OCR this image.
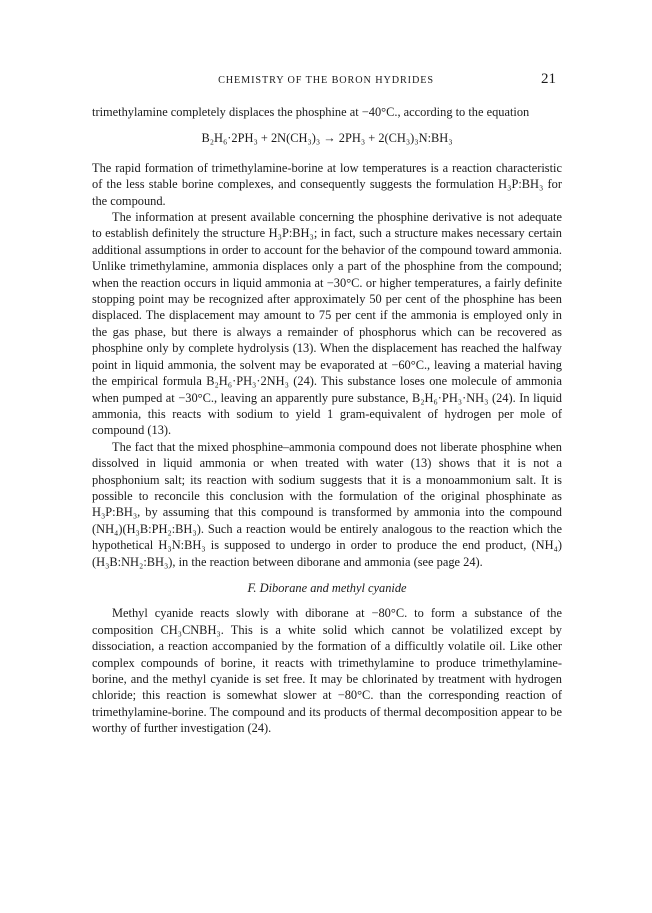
CHEMISTRY OF THE BORON HYDRIDES	21

trimethylamine completely displaces the phosphine at −40°C., according to the equation

B₂H₆·2PH₃ + 2N(CH₃)₃ → 2PH₃ + 2(CH₃)₃N:BH₃

The rapid formation of trimethylamine-borine at low temperatures is a reaction characteristic of the less stable borine complexes, and consequently suggests the formulation H₃P:BH₃ for the compound.

The information at present available concerning the phosphine derivative is not adequate to establish definitely the structure H₃P:BH₃; in fact, such a structure makes necessary certain additional assumptions in order to account for the behavior of the compound toward ammonia. Unlike trimethylamine, ammonia displaces only a part of the phosphine from the compound; when the reaction occurs in liquid ammonia at −30°C. or higher temperatures, a fairly definite stopping point may be recognized after approximately 50 per cent of the phosphine has been displaced. The displacement may amount to 75 per cent if the ammonia is employed only in the gas phase, but there is always a remainder of phosphorus which can be recovered as phosphine only by complete hydrolysis (13). When the displacement has reached the halfway point in liquid ammonia, the solvent may be evaporated at −60°C., leaving a material having the empirical formula B₂H₆·PH₃·2NH₃ (24). This substance loses one molecule of ammonia when pumped at −30°C., leaving an apparently pure substance, B₂H₆·PH₃·NH₃ (24). In liquid ammonia, this reacts with sodium to yield 1 gram-equivalent of hydrogen per mole of compound (13).

The fact that the mixed phosphine–ammonia compound does not liberate phosphine when dissolved in liquid ammonia or when treated with water (13) shows that it is not a phosphonium salt; its reaction with sodium suggests that it is a monoammonium salt. It is possible to reconcile this conclusion with the formulation of the original phosphinate as H₃P:BH₃, by assuming that this compound is transformed by ammonia into the compound (NH₄)(H₃B:PH₂:BH₃). Such a reaction would be entirely analogous to the reaction which the hypothetical H₃N:BH₃ is supposed to undergo in order to produce the end product, (NH₄)(H₃B:NH₂:BH₃), in the reaction between diborane and ammonia (see page 24).

F. Diborane and methyl cyanide

Methyl cyanide reacts slowly with diborane at −80°C. to form a substance of the composition CH₃CNBH₃. This is a white solid which cannot be volatilized except by dissociation, a reaction accompanied by the formation of a difficultly volatile oil. Like other complex compounds of borine, it reacts with trimethylamine to produce trimethylamine-borine, and the methyl cyanide is set free. It may be chlorinated by treatment with hydrogen chloride; this reaction is somewhat slower at −80°C. than the corresponding reaction of trimethylamine-borine. The compound and its products of thermal decomposition appear to be worthy of further investigation (24).
